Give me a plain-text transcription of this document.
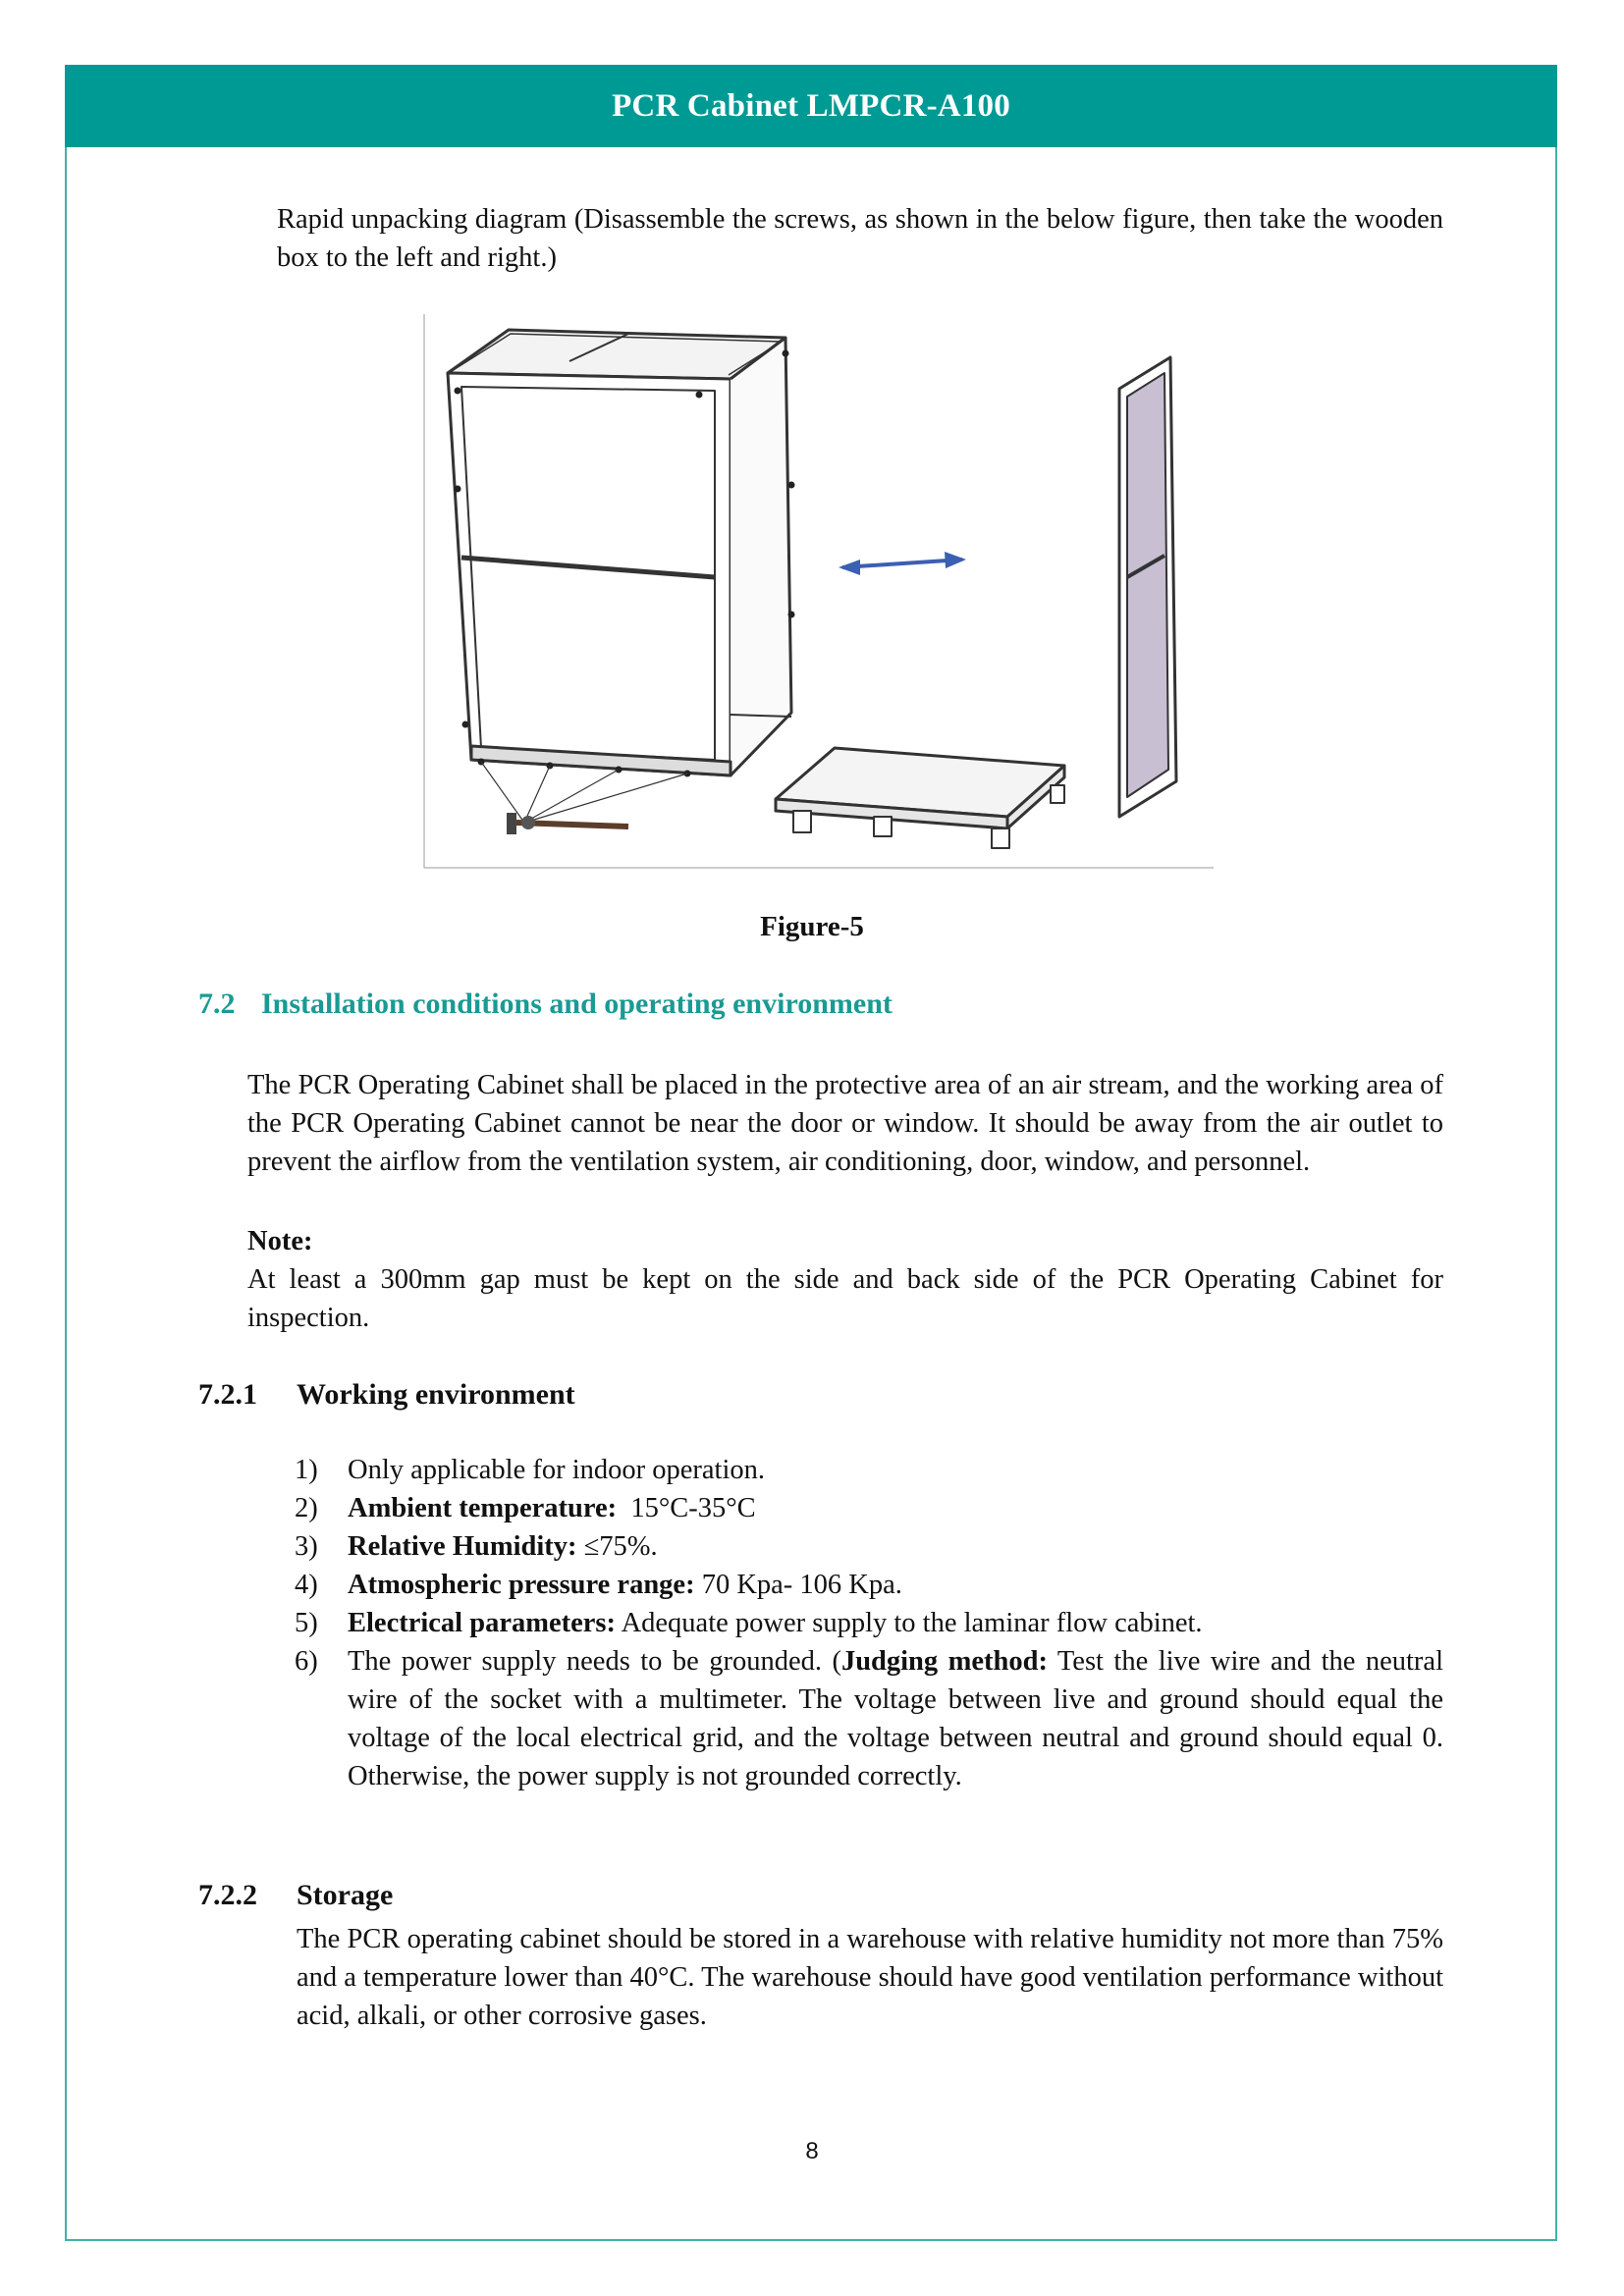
PCR Cabinet LMPCR-A100

Rapid unpacking diagram (Disassemble the screws, as shown in the below figure, then take the wooden box to the left and right.)

Figure-5
7.2 Installation conditions and operating environment

The PCR Operating Cabinet shall be placed in the protective area of an air stream, and the working area of the PCR Operating Cabinet cannot be near the door or window. It should be away from the air outlet to prevent the airflow from the ventilation system, air conditioning, door, window, and personnel.

Note:

At least a 300mm gap must be kept on the side and back side of the PCR Operating Cabinet for inspection.

7.2.1 Working environment
1) Only applicable for indoor operation.
2) Ambient temperature: 15°C-35°C
3) Relative Humidity: ≤75%.
4) Atmospheric pressure range: 70 Kpa- 106 Kpa.
5) Electrical parameters: Adequate power supply to the laminar flow cabinet.
6) The power supply needs to be grounded. (Judging method: Test the live wire and the neutral wire of the socket with a multimeter. The voltage between live and ground should equal the voltage of the local electrical grid, and the voltage between neutral and ground should equal 0. Otherwise, the power supply is not grounded correctly.
7.2.2 Storage

The PCR operating cabinet should be stored in a warehouse with relative humidity not more than 75% and a temperature lower than 40°C. The warehouse should have good ventilation performance without acid, alkali, or other corrosive gases.

8
